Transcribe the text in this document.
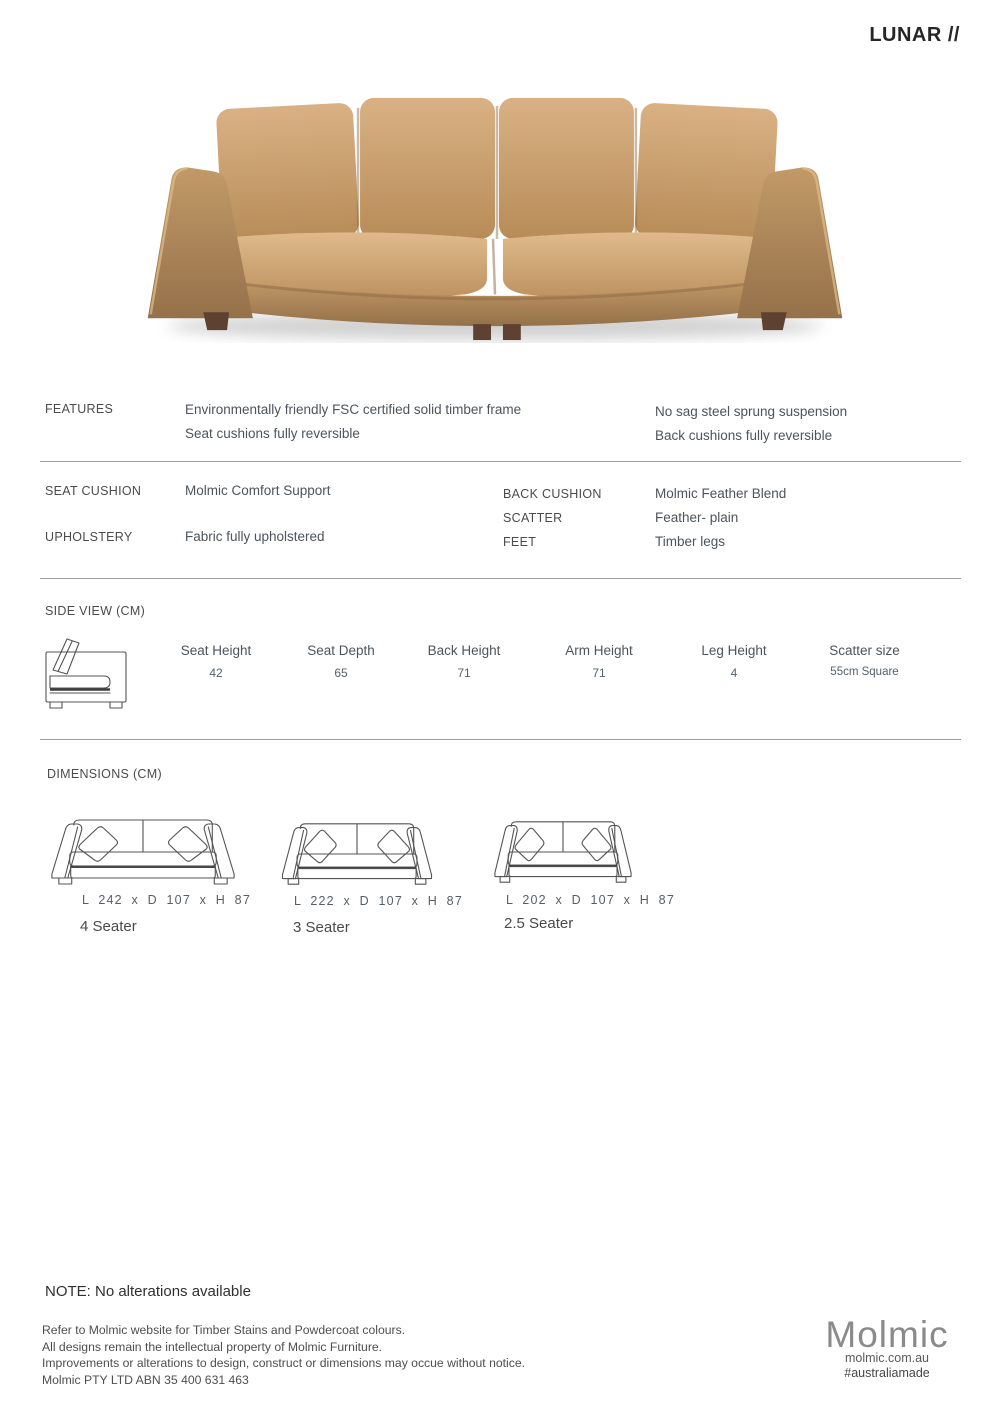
LUNAR //
FEATURES	Environmentally friendly FSC certified solid timber frame
Seat cushions fully reversible
No sag steel sprung suspension
Back cushions fully reversible
SEAT CUSHION	Molmic Comfort Support
UPHOLSTERY	Fabric fully upholstered
BACK CUSHION	Molmic Feather Blend
SCATTER	Feather- plain
FEET	Timber legs
SIDE VIEW (CM)
Seat Height
42
Seat Depth
65
Back Height
71
Arm Height
71
Leg Height
4
Scatter size
55cm Square
DIMENSIONS (CM)
L 242 x D 107 x H 87
4 Seater
L 222 x D 107 x H 87
3 Seater
L 202 x D 107 x H 87
2.5 Seater
NOTE: No alterations available
Refer to Molmic website for Timber Stains and Powdercoat colours.
All designs remain the intellectual property of Molmic Furniture.
Improvements or alterations to design, construct or dimensions may occue without notice.
Molmic PTY LTD ABN 35 400 631 463
Molmic
molmic.com.au
#australiamade
